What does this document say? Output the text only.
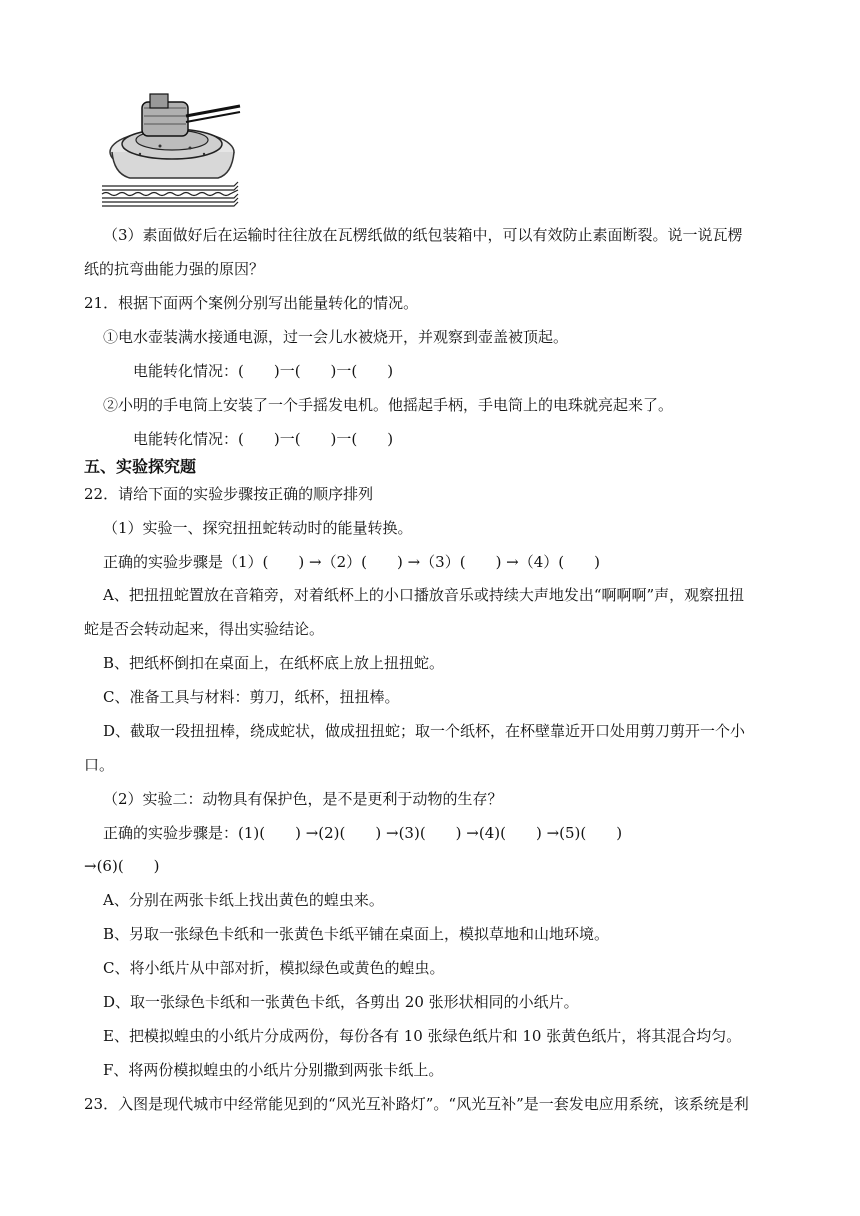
（3）素面做好后在运输时往往放在瓦楞纸做的纸包装箱中，可以有效防止素面断裂。说一说瓦楞
纸的抗弯曲能力强的原因？
21．根据下面两个案例分别写出能量转化的情况。
①电水壶装满水接通电源，过一会儿水被烧开，并观察到壶盖被顶起。
电能转化情况：(　　)一(　　)一(　　)
②小明的手电筒上安装了一个手摇发电机。他摇起手柄，手电筒上的电珠就亮起来了。
电能转化情况：(　　)一(　　)一(　　)
五、实验探究题
22．请给下面的实验步骤按正确的顺序排列
（1）实验一、探究扭扭蛇转动时的能量转换。
正确的实验步骤是（1）(　　) →（2）(　　) →（3）(　　) →（4）(　　)
A、把扭扭蛇置放在音箱旁，对着纸杯上的小口播放音乐或持续大声地发出“啊啊啊”声，观察扭扭
蛇是否会转动起来，得出实验结论。
B、把纸杯倒扣在桌面上，在纸杯底上放上扭扭蛇。
C、准备工具与材料：剪刀，纸杯，扭扭棒。
D、截取一段扭扭棒，绕成蛇状，做成扭扭蛇；取一个纸杯，在杯壁靠近开口处用剪刀剪开一个小
口。
（2）实验二：动物具有保护色，是不是更利于动物的生存？
正确的实验步骤是：(1)(　　) →(2)(　　) →(3)(　　) →(4)(　　) →(5)(　　)
→(6)(　　)
A、分别在两张卡纸上找出黄色的蝗虫来。
B、另取一张绿色卡纸和一张黄色卡纸平铺在桌面上，模拟草地和山地环境。
C、将小纸片从中部对折，模拟绿色或黄色的蝗虫。
D、取一张绿色卡纸和一张黄色卡纸，各剪出 20 张形状相同的小纸片。
E、把模拟蝗虫的小纸片分成两份，每份各有 10 张绿色纸片和 10 张黄色纸片，将其混合均匀。
F、将两份模拟蝗虫的小纸片分别撒到两张卡纸上。
23．入图是现代城市中经常能见到的“风光互补路灯”。“风光互补”是一套发电应用系统，该系统是利
